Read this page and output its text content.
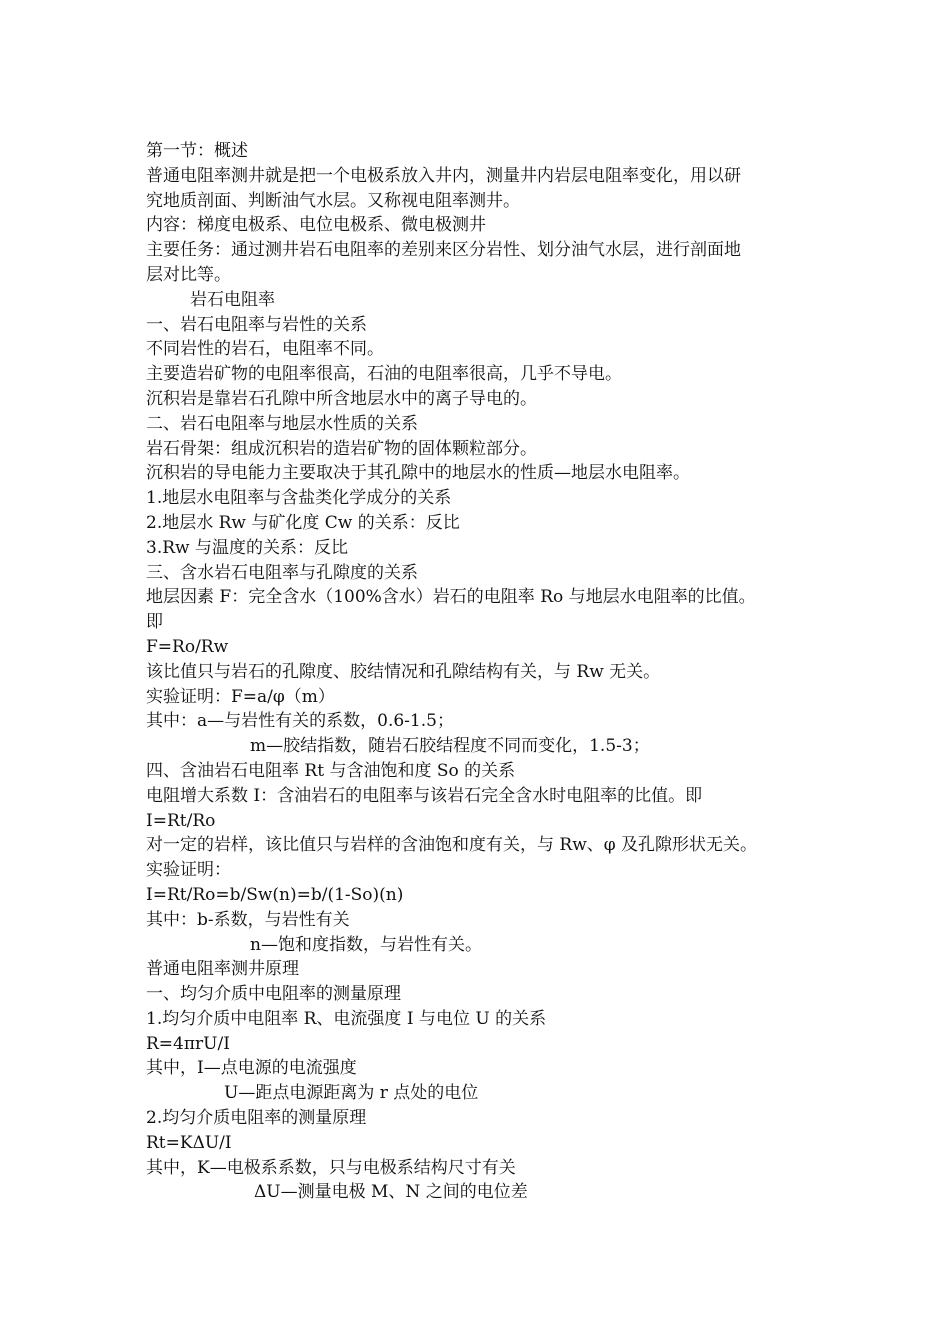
第一节：概述
普通电阻率测井就是把一个电极系放入井内，测量井内岩层电阻率变化，用以研
究地质剖面、判断油气水层。又称视电阻率测井。
内容：梯度电极系、电位电极系、微电极测井
主要任务：通过测井岩石电阻率的差别来区分岩性、划分油气水层，进行剖面地
层对比等。
岩石电阻率
一、岩石电阻率与岩性的关系
不同岩性的岩石，电阻率不同。
主要造岩矿物的电阻率很高，石油的电阻率很高，几乎不导电。
沉积岩是靠岩石孔隙中所含地层水中的离子导电的。
二、岩石电阻率与地层水性质的关系
岩石骨架：组成沉积岩的造岩矿物的固体颗粒部分。
沉积岩的导电能力主要取决于其孔隙中的地层水的性质—地层水电阻率。
1.地层水电阻率与含盐类化学成分的关系
2.地层水 Rw 与矿化度 Cw 的关系：反比
3.Rw 与温度的关系：反比
三、含水岩石电阻率与孔隙度的关系
地层因素 F：完全含水（100%含水）岩石的电阻率 Ro 与地层水电阻率的比值。
即
F=Ro/Rw
该比值只与岩石的孔隙度、胶结情况和孔隙结构有关，与 Rw 无关。
实验证明：F=a/φ（m）
其中：a—与岩性有关的系数，0.6-1.5；
m—胶结指数，随岩石胶结程度不同而变化，1.5-3；
四、含油岩石电阻率 Rt 与含油饱和度 So 的关系
电阻增大系数 I：含油岩石的电阻率与该岩石完全含水时电阻率的比值。即
I=Rt/Ro
对一定的岩样，该比值只与岩样的含油饱和度有关，与 Rw、φ 及孔隙形状无关。
实验证明：
I=Rt/Ro=b/Sw(n)=b/(1-So)(n)
其中：b-系数，与岩性有关
n—饱和度指数，与岩性有关。
普通电阻率测井原理
一、均匀介质中电阻率的测量原理
1.均匀介质中电阻率 R、电流强度 I 与电位 U 的关系
R=4πrU/I
其中，I—点电源的电流强度
U—距点电源距离为 r 点处的电位
2.均匀介质电阻率的测量原理
Rt=KΔU/I
其中，K—电极系系数，只与电极系结构尺寸有关
ΔU—测量电极 M、N 之间的电位差
